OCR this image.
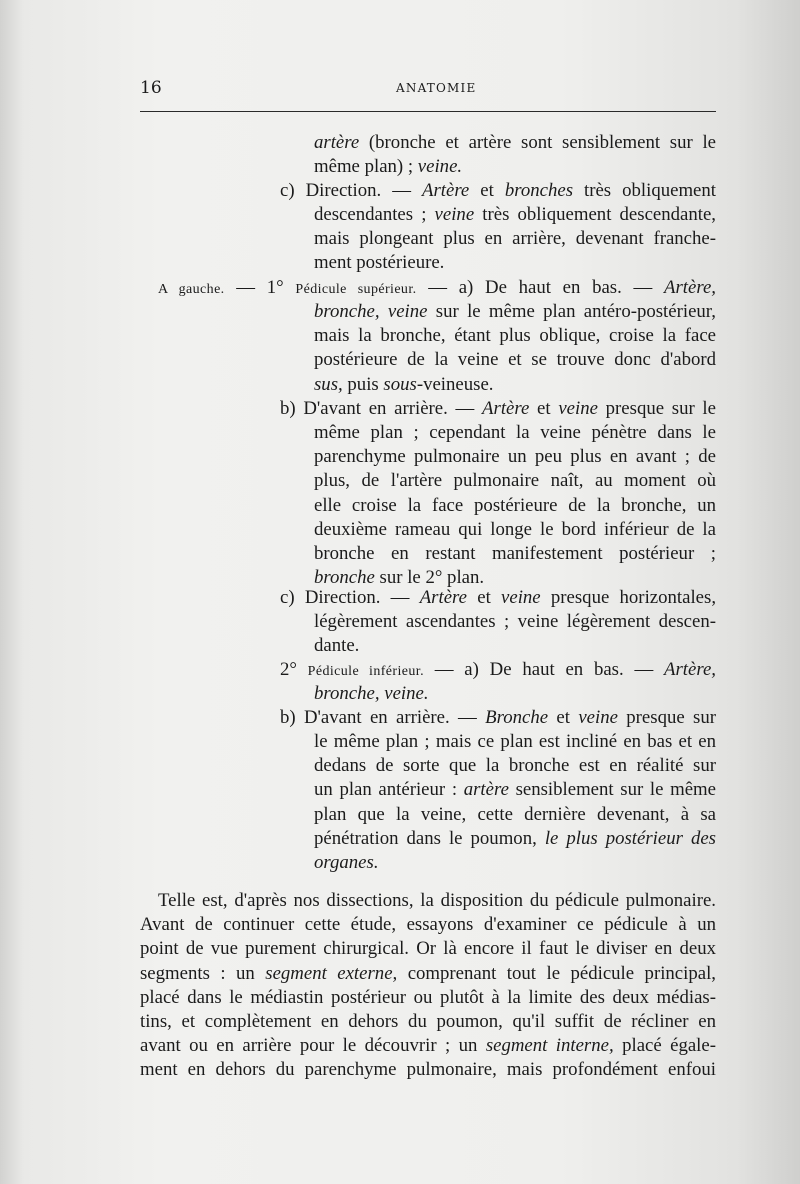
16	ANATOMIE
artère (bronche et artère sont sensiblement sur le
même plan) ; veine.
c) Direction. — Artère et bronches très obliquement
descendantes ; veine très obliquement descendante,
mais plongeant plus en arrière, devenant franche-
ment postérieure.
A gauche. — 1° Pédicule supérieur. — a) De haut en bas. — Artère,
bronche, veine sur le même plan antéro-postérieur,
mais la bronche, étant plus oblique, croise la face
postérieure de la veine et se trouve donc d'abord
sus, puis sous-veineuse.
b) D'avant en arrière. — Artère et veine presque sur le
même plan ; cependant la veine pénètre dans le
parenchyme pulmonaire un peu plus en avant ; de
plus, de l'artère pulmonaire naît, au moment où
elle croise la face postérieure de la bronche, un
deuxième rameau qui longe le bord inférieur de la
bronche en restant manifestement postérieur ;
bronche sur le 2° plan.
c) Direction. — Artère et veine presque horizontales,
légèrement ascendantes ; veine légèrement descen-
dante.
2° Pédicule inférieur. — a) De haut en bas. — Artère,
bronche, veine.
b) D'avant en arrière. — Bronche et veine presque sur
le même plan ; mais ce plan est incliné en bas et en
dedans de sorte que la bronche est en réalité sur
un plan antérieur : artère sensiblement sur le même
plan que la veine, cette dernière devenant, à sa
pénétration dans le poumon, le plus postérieur des
organes.
Telle est, d'après nos dissections, la disposition du pédicule pulmonaire.
Avant de continuer cette étude, essayons d'examiner ce pédicule à un
point de vue purement chirurgical. Or là encore il faut le diviser en deux
segments : un segment externe, comprenant tout le pédicule principal,
placé dans le médiastin postérieur ou plutôt à la limite des deux médias-
tins, et complètement en dehors du poumon, qu'il suffit de récliner en
avant ou en arrière pour le découvrir ; un segment interne, placé égale-
ment en dehors du parenchyme pulmonaire, mais profondément enfoui
